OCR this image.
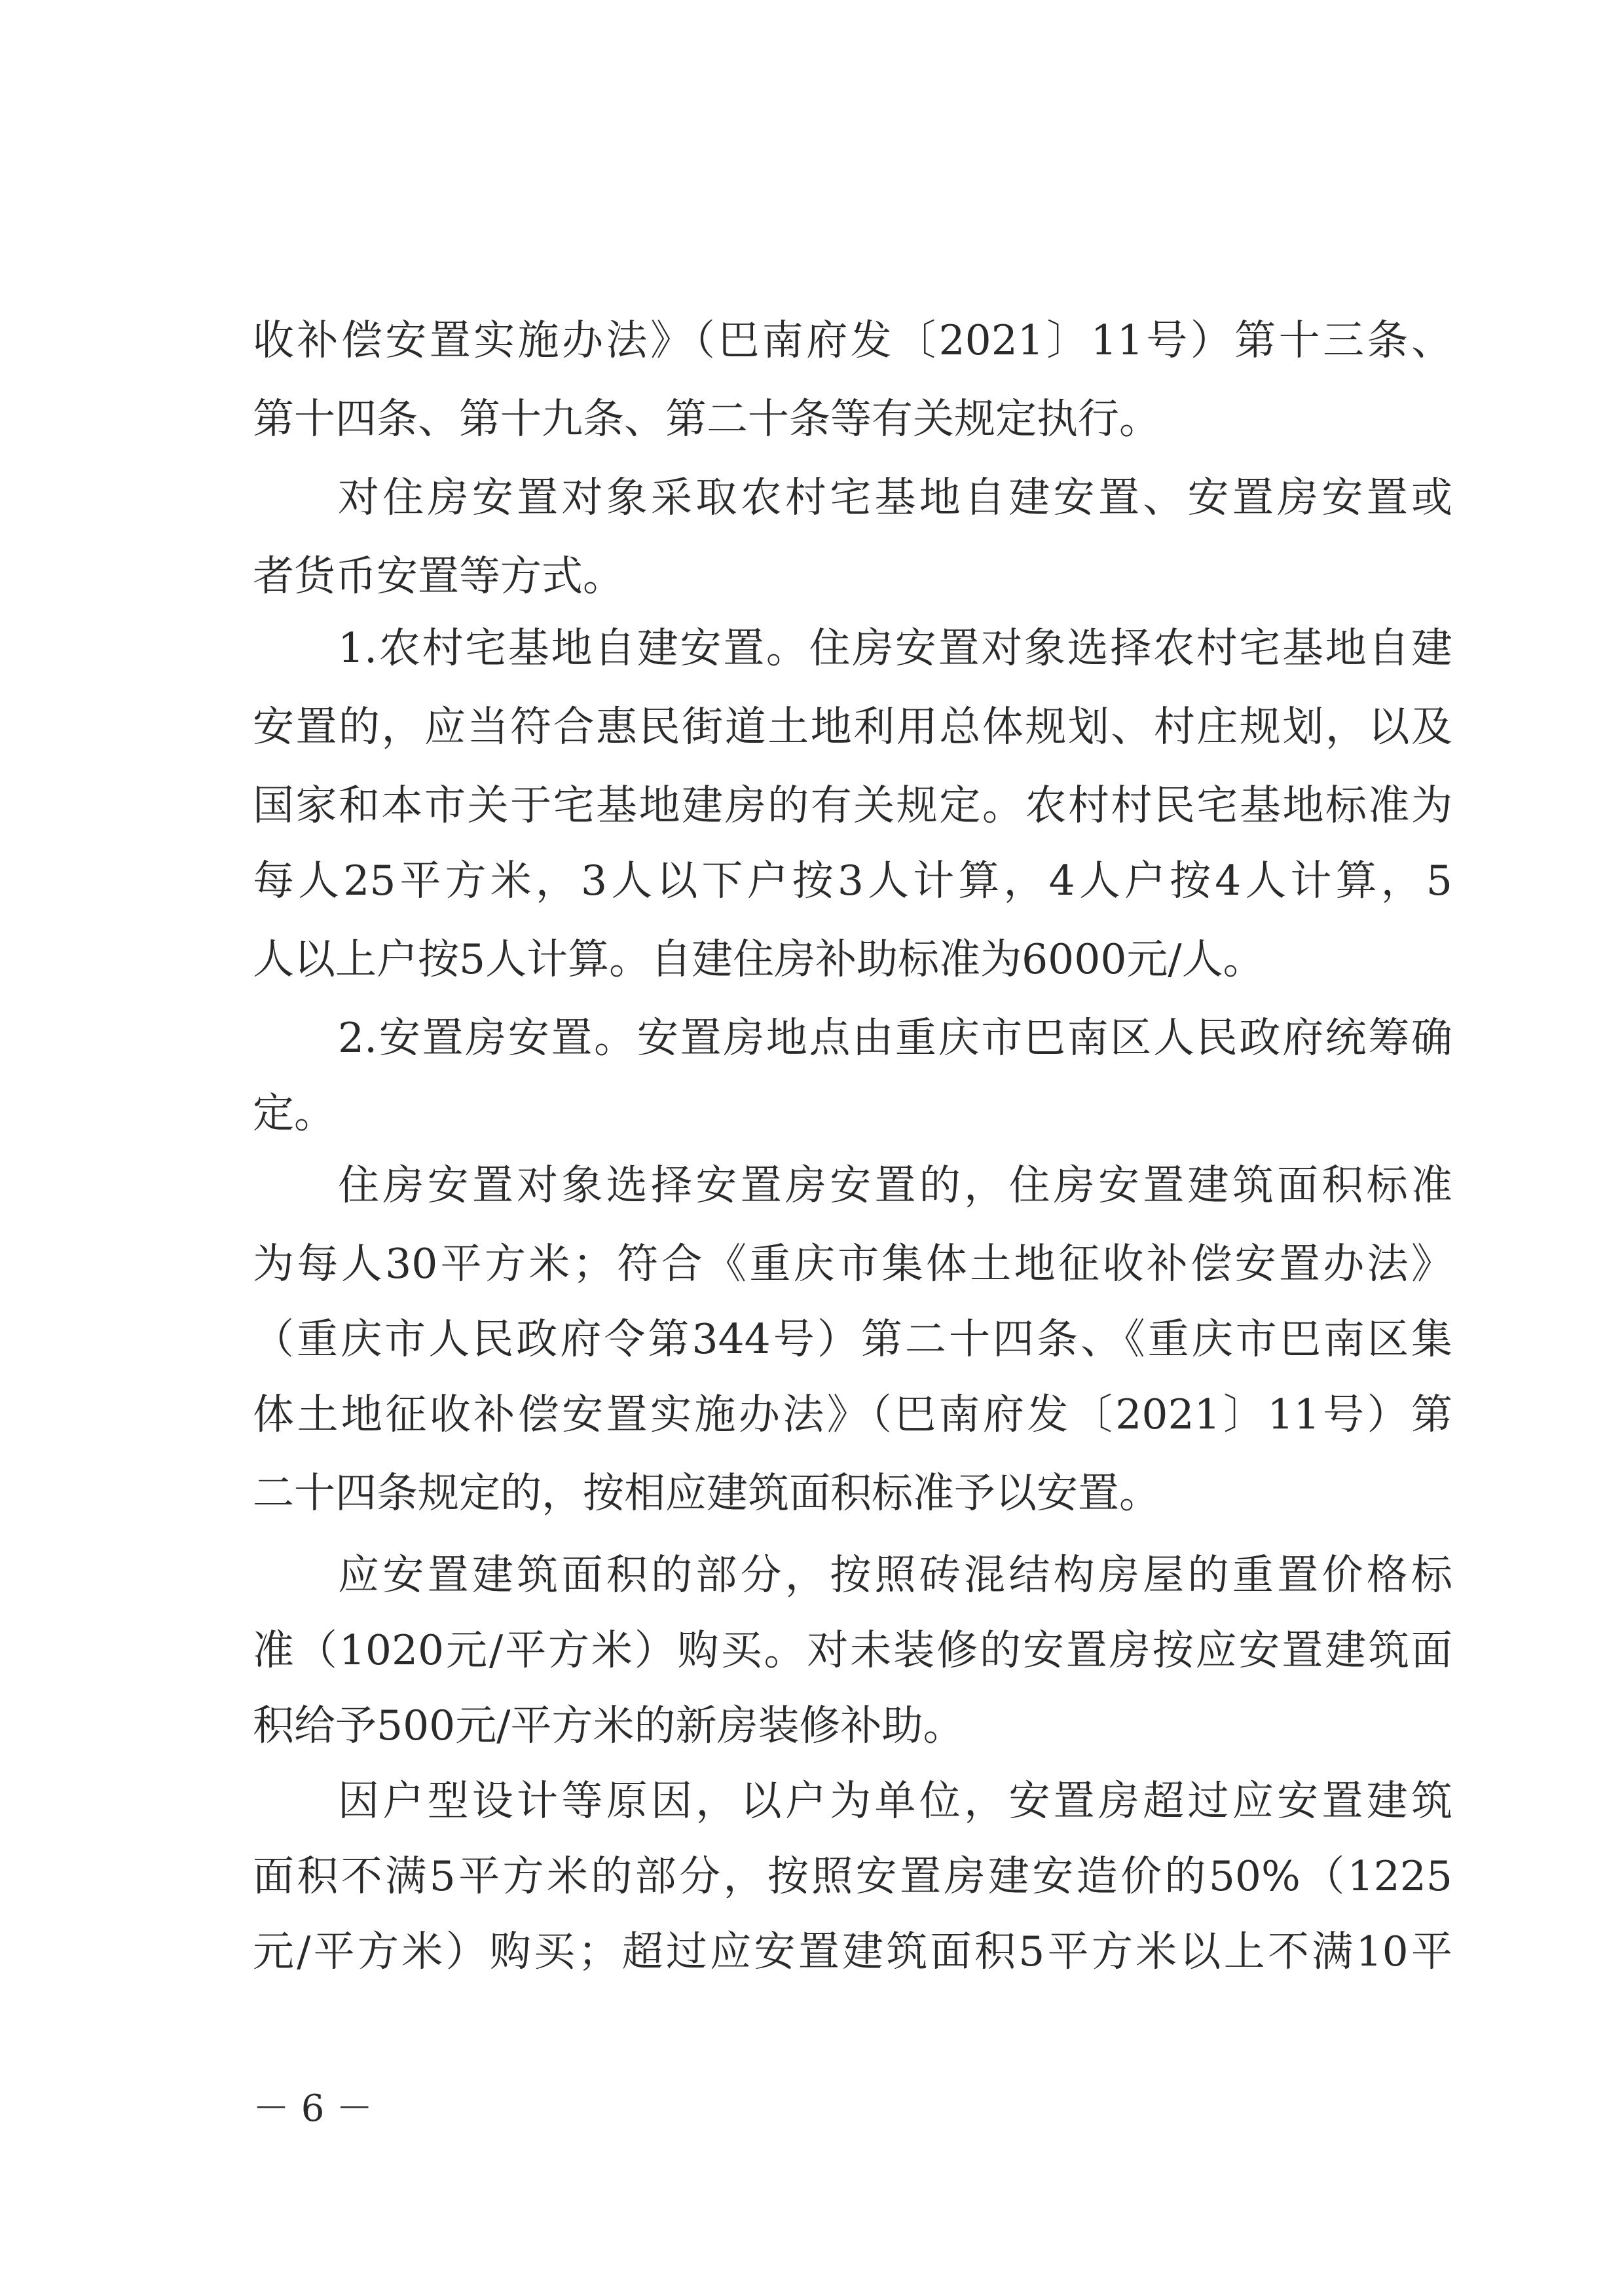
收补偿安置实施办法》（巴南府发〔2021〕11号）第十三条、
第十四条、第十九条、第二十条等有关规定执行。
对住房安置对象采取农村宅基地自建安置、安置房安置或
者货币安置等方式。
1.农村宅基地自建安置。住房安置对象选择农村宅基地自建
安置的，应当符合惠民街道土地利用总体规划、村庄规划，以及
国家和本市关于宅基地建房的有关规定。农村村民宅基地标准为
每人25平方米，3人以下户按3人计算，4人户按4人计算，5
人以上户按5人计算。自建住房补助标准为6000元/人。
2.安置房安置。安置房地点由重庆市巴南区人民政府统筹确
定。
住房安置对象选择安置房安置的，住房安置建筑面积标准
为每人30平方米；符合《重庆市集体土地征收补偿安置办法》
（重庆市人民政府令第344号）第二十四条、《重庆市巴南区集
体土地征收补偿安置实施办法》（巴南府发〔2021〕11号）第
二十四条规定的，按相应建筑面积标准予以安置。
应安置建筑面积的部分，按照砖混结构房屋的重置价格标
准（1020元/平方米）购买。对未装修的安置房按应安置建筑面
积给予500元/平方米的新房装修补助。
因户型设计等原因，以户为单位，安置房超过应安置建筑
面积不满5平方米的部分，按照安置房建安造价的50%（1225
元/平方米）购买；超过应安置建筑面积5平方米以上不满10平
－ 6 －
